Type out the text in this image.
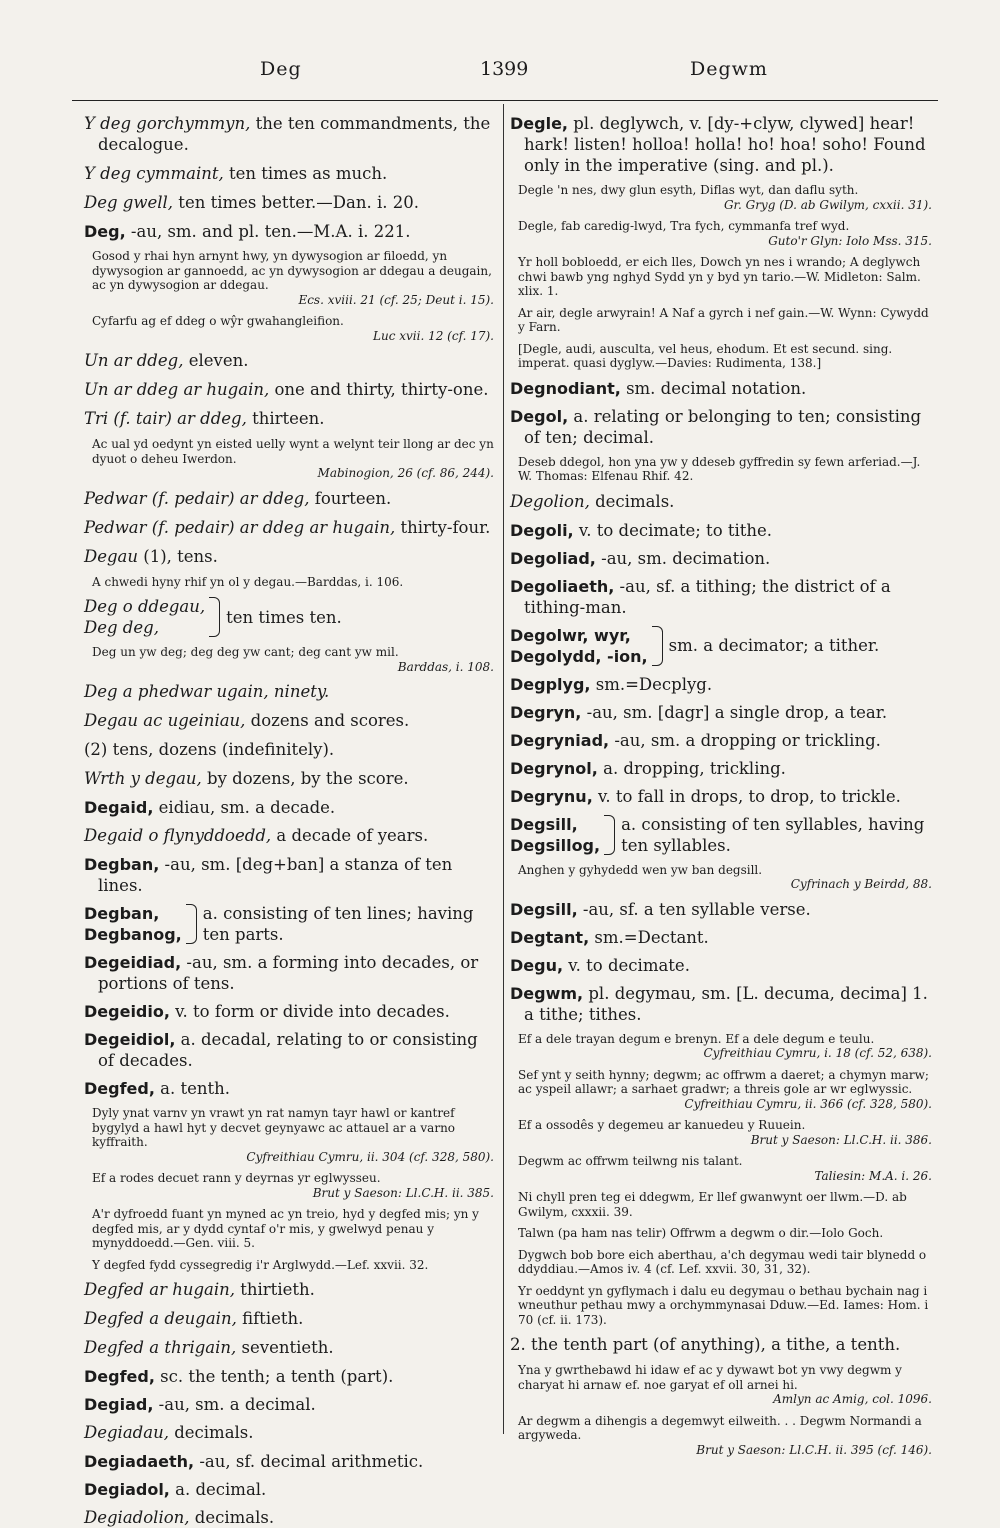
Deg	1399	Degwm
Y deg gorchymmyn, the ten commandments, the decalogue.
Y deg cymmaint, ten times as much.
Deg gwell, ten times better.—Dan. i. 20.
Deg, -au, sm. and pl. ten.—M.A. i. 221.
Gosod y rhai hyn arnynt hwy, yn dywysogion ar filoedd, yn dywysogion ar gannoedd, ac yn dywysogion ar ddegau a deugain, ac yn dywysogion ar ddegau.
Ecs. xviii. 21 (cf. 25; Deut i. 15).
Cyfarfu ag ef ddeg o wŷr gwahangleifion.
Luc xvii. 12 (cf. 17).
Un ar ddeg, eleven.
Un ar ddeg ar hugain, one and thirty, thirty-one.
Tri (f. tair) ar ddeg, thirteen.
Ac ual yd oedynt yn eisted uelly wynt a welynt teir llong ar dec yn dyuot o deheu Iwerdon.
Mabinogion, 26 (cf. 86, 244).
Pedwar (f. pedair) ar ddeg, fourteen.
Pedwar (f. pedair) ar ddeg ar hugain, thirty-four.
Degau (1), tens.
A chwedi hyny rhif yn ol y degau.—Barddas, i. 106.
Deg o ddegau,
Deg deg,
ten times ten.
Deg un yw deg; deg deg yw cant; deg cant yw mil.
Barddas, i. 108.
Deg a phedwar ugain, ninety.
Degau ac ugeiniau, dozens and scores.
(2) tens, dozens (indefinitely).
Wrth y degau, by dozens, by the score.
Degaid, eidiau, sm. a decade.
Degaid o flynyddoedd, a decade of years.
Degban, -au, sm. [deg+ban] a stanza of ten lines.
Degban,
Degbanog,
a. consisting of ten lines; having ten parts.
Degeidiad, -au, sm. a forming into decades, or portions of tens.
Degeidio, v. to form or divide into decades.
Degeidiol, a. decadal, relating to or consisting of decades.
Degfed, a. tenth.
Dyly ynat varnv yn vrawt yn rat namyn tayr hawl or kantref bygylyd a hawl hyt y decvet geynyawc ac attauel ar a varno kyffraith.
Cyfreithiau Cymru, ii. 304 (cf. 328, 580).
Ef a rodes decuet rann y deyrnas yr eglwysseu.
Brut y Saeson: Ll.C.H. ii. 385.
A'r dyfroedd fuant yn myned ac yn treio, hyd y degfed mis; yn y degfed mis, ar y dydd cyntaf o'r mis, y gwelwyd penau y mynyddoedd.—Gen. viii. 5.
Y degfed fydd cyssegredig i'r Arglwydd.—Lef. xxvii. 32.
Degfed ar hugain, thirtieth.
Degfed a deugain, fiftieth.
Degfed a thrigain, seventieth.
Degfed, sc. the tenth; a tenth (part).
Degiad, -au, sm. a decimal.
Degiadau, decimals.
Degiadaeth, -au, sf. decimal arithmetic.
Degiadol, a. decimal.
Degiadolion, decimals.
Degle, pl. deglywch, v. [dy-+clyw, clywed] hear! hark! listen! holloa! holla! ho! hoa! soho! Found only in the imperative (sing. and pl.).
Degle 'n nes, dwy glun esyth, Diflas wyt, dan daflu syth.
Gr. Gryg (D. ab Gwilym, cxxii. 31).
Degle, fab caredig-lwyd, Tra fych, cymmanfa tref wyd.
Guto'r Glyn: Iolo Mss. 315.
Yr holl bobloedd, er eich lles, Dowch yn nes i wrando; A deglywch chwi bawb yng nghyd Sydd yn y byd yn tario.—W. Midleton: Salm. xlix. 1.
Ar air, degle arwyrain! A Naf a gyrch i nef gain.—W. Wynn: Cywydd y Farn.
[Degle, audi, ausculta, vel heus, ehodum. Et est secund. sing. imperat. quasi dyglyw.—Davies: Rudimenta, 138.]
Degnodiant, sm. decimal notation.
Degol, a. relating or belonging to ten; consisting of ten; decimal.
Deseb ddegol, hon yna yw y ddeseb gyffredin sy fewn arferiad.—J. W. Thomas: Elfenau Rhif. 42.
Degolion, decimals.
Degoli, v. to decimate; to tithe.
Degoliad, -au, sm. decimation.
Degoliaeth, -au, sf. a tithing; the district of a tithing-man.
Degolwr, wyr,
Degolydd, -ion,
sm. a decimator; a tither.
Degplyg, sm.=Decplyg.
Degryn, -au, sm. [dagr] a single drop, a tear.
Degryniad, -au, sm. a dropping or trickling.
Degrynol, a. dropping, trickling.
Degrynu, v. to fall in drops, to drop, to trickle.
Degsill,
Degsillog,
a. consisting of ten syllables, having ten syllables.
Anghen y gyhydedd wen yw ban degsill.
Cyfrinach y Beirdd, 88.
Degsill, -au, sf. a ten syllable verse.
Degtant, sm.=Dectant.
Degu, v. to decimate.
Degwm, pl. degymau, sm. [L. decuma, decima] 1. a tithe; tithes.
Ef a dele trayan degum e brenyn. Ef a dele degum e teulu.
Cyfreithiau Cymru, i. 18 (cf. 52, 638).
Sef ynt y seith hynny; degwm; ac offrwm a daeret; a chymyn marw; ac yspeil allawr; a sarhaet gradwr; a threis gole ar wr eglwyssic.
Cyfreithiau Cymru, ii. 366 (cf. 328, 580).
Ef a ossodês y degemeu ar kanuedeu y Ruuein.
Brut y Saeson: Ll.C.H. ii. 386.
Degwm ac offrwm teilwng nis talant.
Taliesin: M.A. i. 26.
Ni chyll pren teg ei ddegwm, Er llef gwanwynt oer llwm.—D. ab Gwilym, cxxxii. 39.
Talwn (pa ham nas telir) Offrwm a degwm o dir.—Iolo Goch.
Dygwch bob bore eich aberthau, a'ch degymau wedi tair blynedd o ddyddiau.—Amos iv. 4 (cf. Lef. xxvii. 30, 31, 32).
Yr oeddynt yn gyflymach i dalu eu degymau o bethau bychain nag i wneuthur pethau mwy a orchymmynasai Dduw.—Ed. Iames: Hom. i 70 (cf. ii. 173).
2. the tenth part (of anything), a tithe, a tenth.
Yna y gwrthebawd hi idaw ef ac y dywawt bot yn vwy degwm y charyat hi arnaw ef. noe garyat ef oll arnei hi.
Amlyn ac Amig, col. 1096.
Ar degwm a dihengis a degemwyt eilweith. . . Degwm Normandi a argyweda.
Brut y Saeson: Ll.C.H. ii. 395 (cf. 146).
